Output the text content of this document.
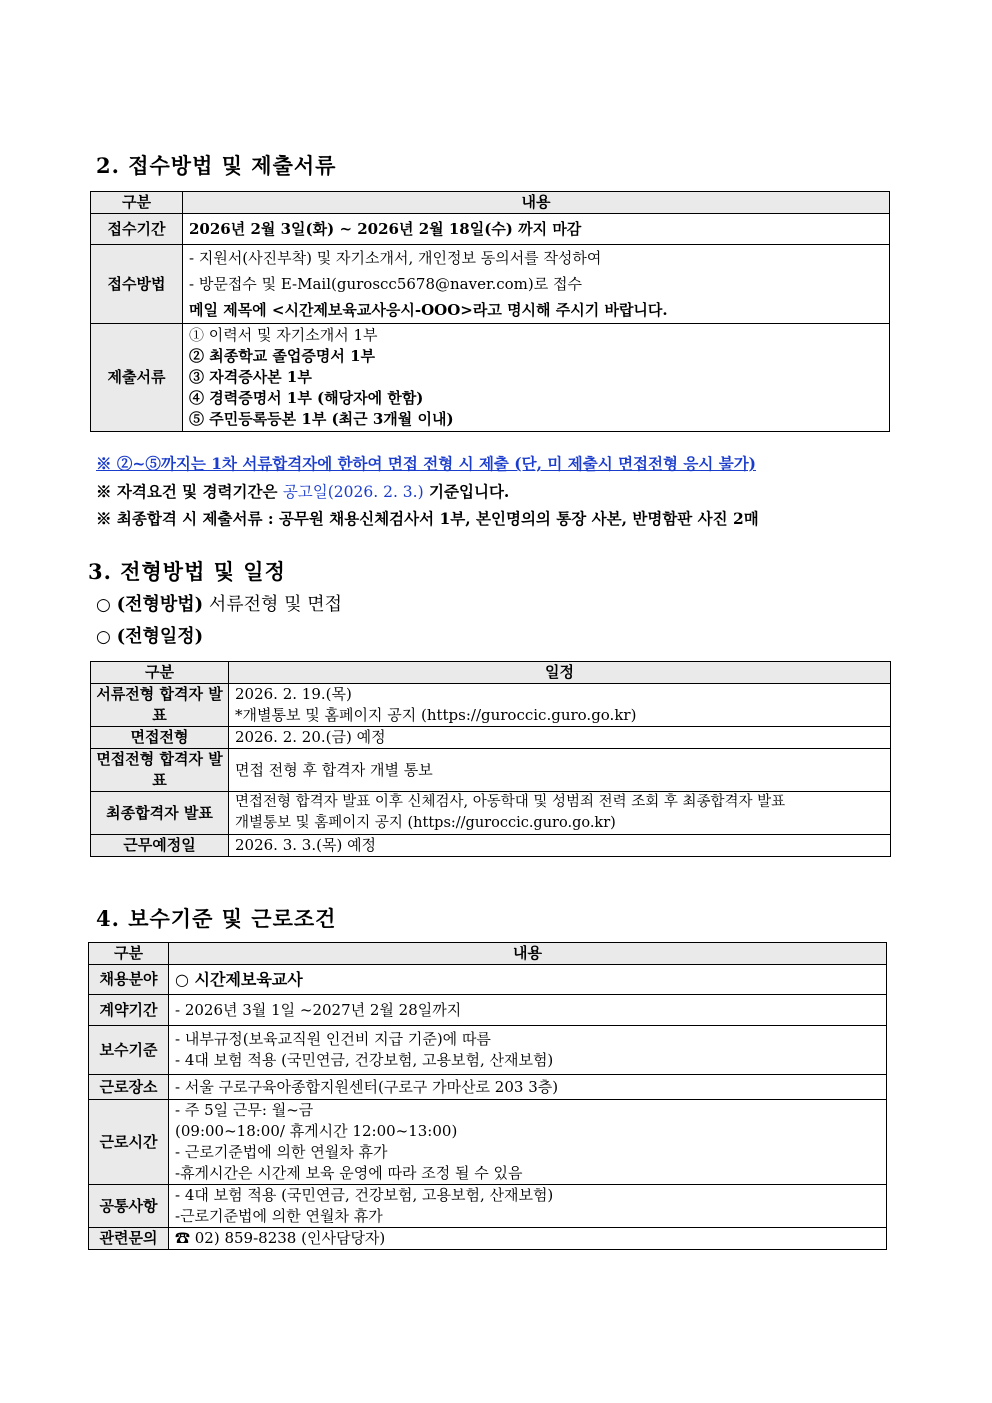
2. 접수방법 및 제출서류
구분	내용
접수기간	2026년 2월 3일(화) ~ 2026년 2월 18일(수) 까지 마감
접수방법	- 지원서(사진부착) 및 자기소개서, 개인정보 동의서를 작성하여
- 방문접수 및 E-Mail(guroscc5678@naver.com)로 접수
메일 제목에 <시간제보육교사응시-OOO>라고 명시해 주시기 바랍니다.

제출서류	① 이력서 및 자기소개서 1부
② 최종학교 졸업증명서 1부
③ 자격증사본 1부
④ 경력증명서 1부 (해당자에 한함)
⑤ 주민등록등본 1부 (최근 3개월 이내)
※ ②~⑤까지는 1차 서류합격자에 한하여 면접 전형 시 제출 (단, 미 제출시 면접전형 응시 불가)
※ 자격요건 및 경력기간은 공고일(2026. 2. 3.) 기준입니다.
※ 최종합격 시 제출서류 : 공무원 채용신체검사서 1부, 본인명의의 통장 사본, 반명함판 사진 2매
3. 전형방법 및 일정
○ (전형방법) 서류전형 및 면접
○ (전형일정)
구분	일정
서류전형 합격자 발표	2026. 2. 19.(목)
*개별통보 및 홈페이지 공지 (https://guroccic.guro.go.kr)

면접전형	2026. 2. 20.(금) 예정
면접전형 합격자 발표	면접 전형 후 합격자 개별 통보
최종합격자 발표	면접전형 합격자 발표 이후 신체검사, 아동학대 및 성범죄 전력 조회 후 최종합격자 발표
개별통보 및 홈페이지 공지 (https://guroccic.guro.go.kr)

근무예정일	2026. 3. 3.(목) 예정
4. 보수기준 및 근로조건
구분	내용
채용분야	○ 시간제보육교사
계약기간	- 2026년 3월 1일 ~2027년 2월 28일까지
보수기준	- 내부규정(보육교직원 인건비 지급 기준)에 따름
- 4대 보험 적용 (국민연금, 건강보험, 고용보험, 산재보험)

근로장소	- 서울 구로구육아종합지원센터(구로구 가마산로 203 3층)
근로시간	- 주 5일 근무: 월~금
(09:00~18:00/ 휴게시간 12:00~13:00)
- 근로기준법에 의한 연월차 휴가
-휴게시간은 시간제 보육 운영에 따라 조정 될 수 있음

공통사항	- 4대 보험 적용 (국민연금, 건강보험, 고용보험, 산재보험)
-근로기준법에 의한 연월차 휴가

관련문의	☎ 02) 859-8238 (인사담당자)
